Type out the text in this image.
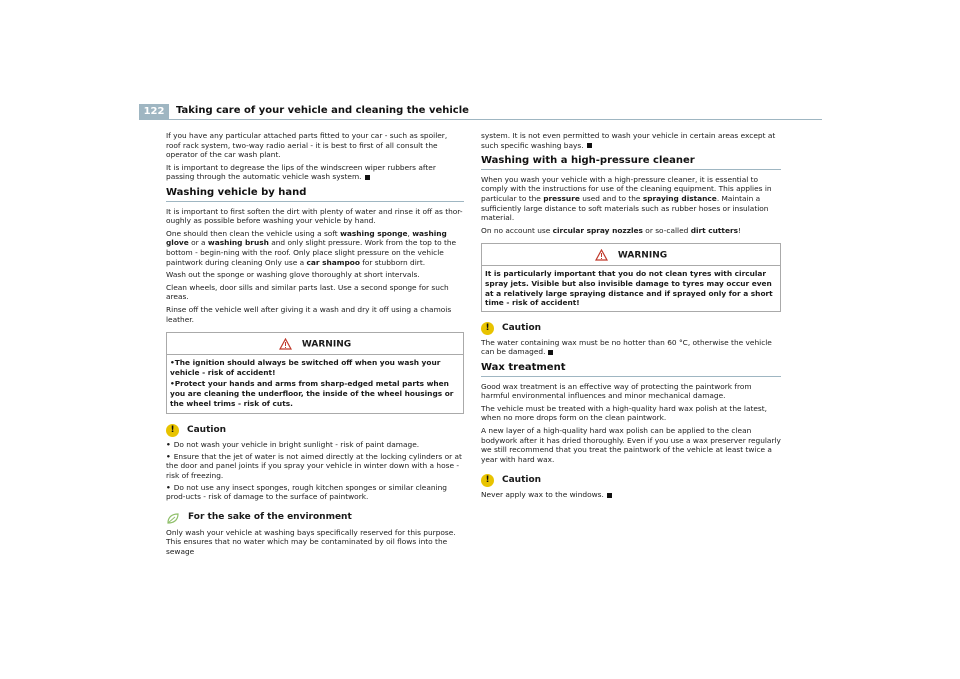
122	Taking care of your vehicle and cleaning the vehicle

If you have any particular attached parts fitted to your car - such as spoiler, roof rack system, two-way radio aerial - it is best to first of all consult the operator of the car wash plant.

It is important to degrease the lips of the windscreen wiper rubbers after passing through the automatic vehicle wash system.

Washing vehicle by hand

It is important to first soften the dirt with plenty of water and rinse it off as thor-oughly as possible before washing your vehicle by hand.

One should then clean the vehicle using a soft washing sponge, washing glove or a washing brush and only slight pressure. Work from the top to the bottom - begin-ning with the roof. Only place slight pressure on the vehicle paintwork during cleaning Only use a car shampoo for stubborn dirt.

Wash out the sponge or washing glove thoroughly at short intervals.

Clean wheels, door sills and similar parts last. Use a second sponge for such areas.

Rinse off the vehicle well after giving it a wash and dry it off using a chamois leather.

WARNING

•The ignition should always be switched off when you wash your vehicle - risk of accident!

•Protect your hands and arms from sharp-edged metal parts when you are cleaning the underfloor, the inside of the wheel housings or the wheel trims - risk of cuts.

!	Caution

• Do not wash your vehicle in bright sunlight - risk of paint damage.

• Ensure that the jet of water is not aimed directly at the locking cylinders or at the door and panel joints if you spray your vehicle in winter down with a hose - risk of freezing.

• Do not use any insect sponges, rough kitchen sponges or similar cleaning prod-ucts - risk of damage to the surface of paintwork.

For the sake of the environment

Only wash your vehicle at washing bays specifically reserved for this purpose. This ensures that no water which may be contaminated by oil flows into the sewage

system. It is not even permitted to wash your vehicle in certain areas except at such specific washing bays.

Washing with a high-pressure cleaner

When you wash your vehicle with a high-pressure cleaner, it is essential to comply with the instructions for use of the cleaning equipment. This applies in particular to the pressure used and to the spraying distance. Maintain a sufficiently large distance to soft materials such as rubber hoses or insulation material.

On no account use circular spray nozzles or so-called dirt cutters!

WARNING

It is particularly important that you do not clean tyres with circular spray jets. Visible but also invisible damage to tyres may occur even at a relatively large spraying distance and if sprayed only for a short time - risk of accident!

!	Caution

The water containing wax must be no hotter than 60 °C, otherwise the vehicle can be damaged.

Wax treatment

Good wax treatment is an effective way of protecting the paintwork from harmful environmental influences and minor mechanical damage.

The vehicle must be treated with a high-quality hard wax polish at the latest, when no more drops form on the clean paintwork.

A new layer of a high-quality hard wax polish can be applied to the clean bodywork after it has dried thoroughly. Even if you use a wax preserver regularly we still recommend that you treat the paintwork of the vehicle at least twice a year with hard wax.

!	Caution

Never apply wax to the windows.
